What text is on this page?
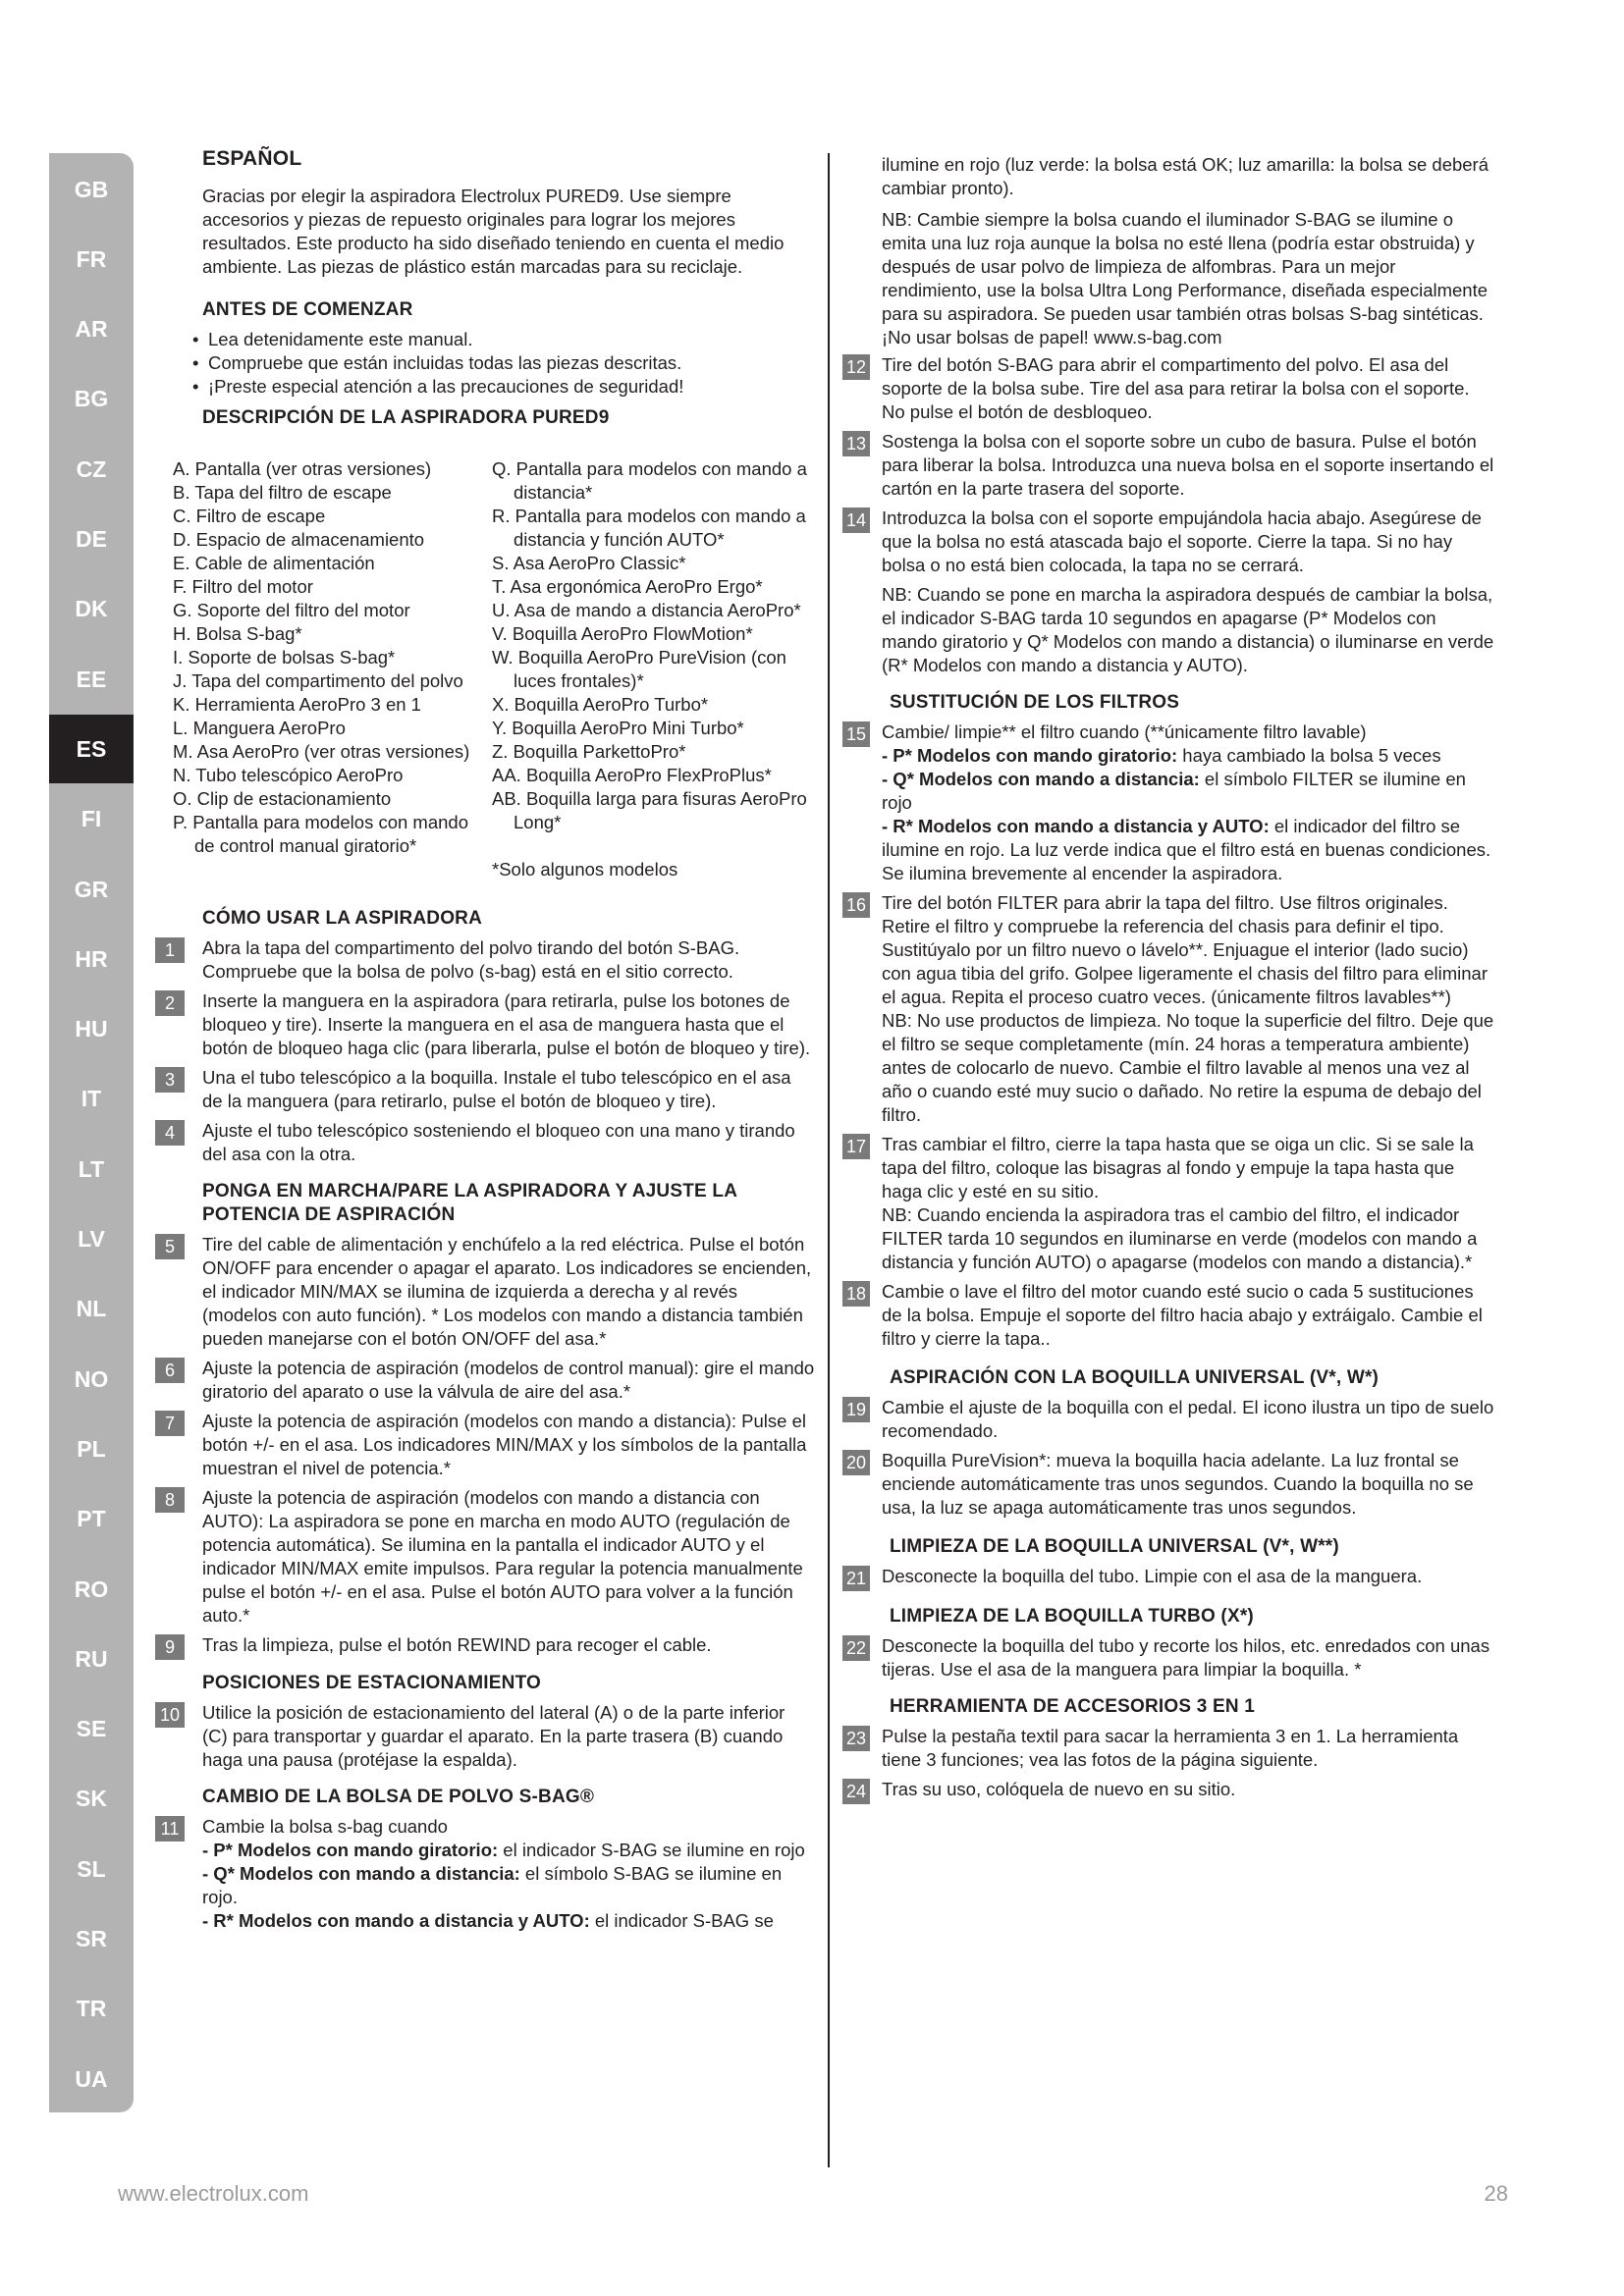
GB
FR
AR
BG
CZ
DE
DK
EE
ES
FI
GR
HR
HU
IT
LT
LV
NL
NO
PL
PT
RO
RU
SE
SK
SL
SR
TR
UA
ESPAÑOL
Gracias por elegir la aspiradora Electrolux PURED9. Use siempre accesorios y piezas de repuesto originales para lograr los mejores resultados. Este producto ha sido diseñado teniendo en cuenta el medio ambiente. Las piezas de plástico están marcadas para su reciclaje.
ANTES DE COMENZAR
• Lea detenidamente este manual.
• Compruebe que están incluidas todas las piezas descritas.
• ¡Preste especial atención a las precauciones de seguridad!
DESCRIPCIÓN DE LA ASPIRADORA PURED9
A. Pantalla (ver otras versiones)
B. Tapa del filtro de escape
C. Filtro de escape
D. Espacio de almacenamiento
E. Cable de alimentación
F. Filtro del motor
G. Soporte del filtro del motor
H. Bolsa S-bag*
I. Soporte de bolsas S-bag*
J. Tapa del compartimento del polvo
K. Herramienta AeroPro 3 en 1
L. Manguera AeroPro
M. Asa AeroPro (ver otras versiones)
N. Tubo telescópico AeroPro
O. Clip de estacionamiento
P. Pantalla para modelos con mando de control manual giratorio*
Q. Pantalla para modelos con mando a distancia*
R. Pantalla para modelos con mando a distancia y función AUTO*
S. Asa AeroPro Classic*
T. Asa ergonómica AeroPro Ergo*
U. Asa de mando a distancia AeroPro*
V. Boquilla AeroPro FlowMotion*
W. Boquilla AeroPro PureVision (con luces frontales)*
X. Boquilla AeroPro Turbo*
Y. Boquilla AeroPro Mini Turbo*
Z. Boquilla ParkettoPro*
AA. Boquilla AeroPro FlexProPlus*
AB. Boquilla larga para fisuras AeroPro Long*
*Solo algunos modelos
CÓMO USAR LA ASPIRADORA
1	Abra la tapa del compartimento del polvo tirando del botón S-BAG. Compruebe que la bolsa de polvo (s-bag) está en el sitio correcto.
2	Inserte la manguera en la aspiradora (para retirarla, pulse los botones de bloqueo y tire). Inserte la manguera en el asa de manguera hasta que el botón de bloqueo haga clic (para liberarla, pulse el botón de bloqueo y tire).
3	Una el tubo telescópico a la boquilla. Instale el tubo telescópico en el asa de la manguera (para retirarlo, pulse el botón de bloqueo y tire).
4	Ajuste el tubo telescópico sosteniendo el bloqueo con una mano y tirando del asa con la otra.
PONGA EN MARCHA/PARE LA ASPIRADORA Y AJUSTE LA POTENCIA DE ASPIRACIÓN
5	Tire del cable de alimentación y enchúfelo a la red eléctrica. Pulse el botón ON/OFF para encender o apagar el aparato. Los indicadores se encienden, el indicador MIN/MAX se ilumina de izquierda a derecha y al revés (modelos con auto función). * Los modelos con mando a distancia también pueden manejarse con el botón ON/OFF del asa.*
6	Ajuste la potencia de aspiración (modelos de control manual): gire el mando giratorio del aparato o use la válvula de aire del asa.*
7	Ajuste la potencia de aspiración (modelos con mando a distancia): Pulse el botón +/- en el asa. Los indicadores MIN/MAX y los símbolos de la pantalla muestran el nivel de potencia.*
8	Ajuste la potencia de aspiración (modelos con mando a distancia con AUTO): La aspiradora se pone en marcha en modo AUTO (regulación de potencia automática). Se ilumina en la pantalla el indicador AUTO y el indicador MIN/MAX emite impulsos. Para regular la potencia manualmente pulse el botón +/- en el asa. Pulse el botón AUTO para volver a la función auto.*
9	Tras la limpieza, pulse el botón REWIND para recoger el cable.
POSICIONES DE ESTACIONAMIENTO
10 Utilice la posición de estacionamiento del lateral (A) o de la parte inferior (C) para transportar y guardar el aparato. En la parte trasera (B) cuando haga una pausa (protéjase la espalda).
CAMBIO DE LA BOLSA DE POLVO S-BAG®
11	Cambie la bolsa s-bag cuando
- P* Modelos con mando giratorio: el indicador S-BAG se ilumine en rojo
- Q* Modelos con mando a distancia: el símbolo S-BAG se ilumine en rojo.
- R* Modelos con mando a distancia y AUTO: el indicador S-BAG se
ilumine en rojo (luz verde: la bolsa está OK; luz amarilla: la bolsa se deberá cambiar pronto).
NB: Cambie siempre la bolsa cuando el iluminador S-BAG se ilumine o emita una luz roja aunque la bolsa no esté llena (podría estar obstruida) y después de usar polvo de limpieza de alfombras. Para un mejor rendimiento, use la bolsa Ultra Long Performance, diseñada especialmente para su aspiradora. Se pueden usar también otras bolsas S-bag sintéticas. ¡No usar bolsas de papel! www.s-bag.com
12 Tire del botón S-BAG para abrir el compartimento del polvo. El asa del soporte de la bolsa sube. Tire del asa para retirar la bolsa con el soporte. No pulse el botón de desbloqueo.
13 Sostenga la bolsa con el soporte sobre un cubo de basura. Pulse el botón para liberar la bolsa. Introduzca una nueva bolsa en el soporte insertando el cartón en la parte trasera del soporte.
14 Introduzca la bolsa con el soporte empujándola hacia abajo. Asegúrese de que la bolsa no está atascada bajo el soporte. Cierre la tapa. Si no hay bolsa o no está bien colocada, la tapa no se cerrará.
NB: Cuando se pone en marcha la aspiradora después de cambiar la bolsa, el indicador S-BAG tarda 10 segundos en apagarse (P* Modelos con mando giratorio y Q* Modelos con mando a distancia) o iluminarse en verde (R* Modelos con mando a distancia y AUTO).
SUSTITUCIÓN DE LOS FILTROS
15 Cambie/ limpie** el filtro cuando (**únicamente filtro lavable)
- P* Modelos con mando giratorio: haya cambiado la bolsa 5 veces
- Q* Modelos con mando a distancia: el símbolo FILTER se ilumine en rojo
- R* Modelos con mando a distancia y AUTO: el indicador del filtro se ilumine en rojo. La luz verde indica que el filtro está en buenas condiciones. Se ilumina brevemente al encender la aspiradora.
16 Tire del botón FILTER para abrir la tapa del filtro. Use filtros originales. Retire el filtro y compruebe la referencia del chasis para definir el tipo. Sustitúyalo por un filtro nuevo o lávelo**. Enjuague el interior (lado sucio) con agua tibia del grifo. Golpee ligeramente el chasis del filtro para eliminar el agua. Repita el proceso cuatro veces. (únicamente filtros lavables**)
NB: No use productos de limpieza. No toque la superficie del filtro. Deje que el filtro se seque completamente (mín. 24 horas a temperatura ambiente) antes de colocarlo de nuevo. Cambie el filtro lavable al menos una vez al año o cuando esté muy sucio o dañado. No retire la espuma de debajo del filtro.
17 Tras cambiar el filtro, cierre la tapa hasta que se oiga un clic. Si se sale la tapa del filtro, coloque las bisagras al fondo y empuje la tapa hasta que haga clic y esté en su sitio.
NB: Cuando encienda la aspiradora tras el cambio del filtro, el indicador FILTER tarda 10 segundos en iluminarse en verde (modelos con mando a distancia y función AUTO) o apagarse (modelos con mando a distancia).*
18 Cambie o lave el filtro del motor cuando esté sucio o cada 5 sustituciones de la bolsa. Empuje el soporte del filtro hacia abajo y extráigalo. Cambie el filtro y cierre la tapa..
ASPIRACIÓN CON LA BOQUILLA UNIVERSAL (V*, W*)
19 Cambie el ajuste de la boquilla con el pedal. El icono ilustra un tipo de suelo recomendado.
20 Boquilla PureVision*: mueva la boquilla hacia adelante. La luz frontal se enciende automáticamente tras unos segundos. Cuando la boquilla no se usa, la luz se apaga automáticamente tras unos segundos.
LIMPIEZA DE LA BOQUILLA UNIVERSAL (V*, W**)
21 Desconecte la boquilla del tubo. Limpie con el asa de la manguera.
LIMPIEZA DE LA BOQUILLA TURBO (X*)
22 Desconecte la boquilla del tubo y recorte los hilos, etc. enredados con unas tijeras. Use el asa de la manguera para limpiar la boquilla. *
HERRAMIENTA DE ACCESORIOS 3 EN 1
23 Pulse la pestaña textil para sacar la herramienta 3 en 1. La herramienta tiene 3 funciones; vea las fotos de la página siguiente.
24 Tras su uso, colóquela de nuevo en su sitio.
www.electrolux.com	28
